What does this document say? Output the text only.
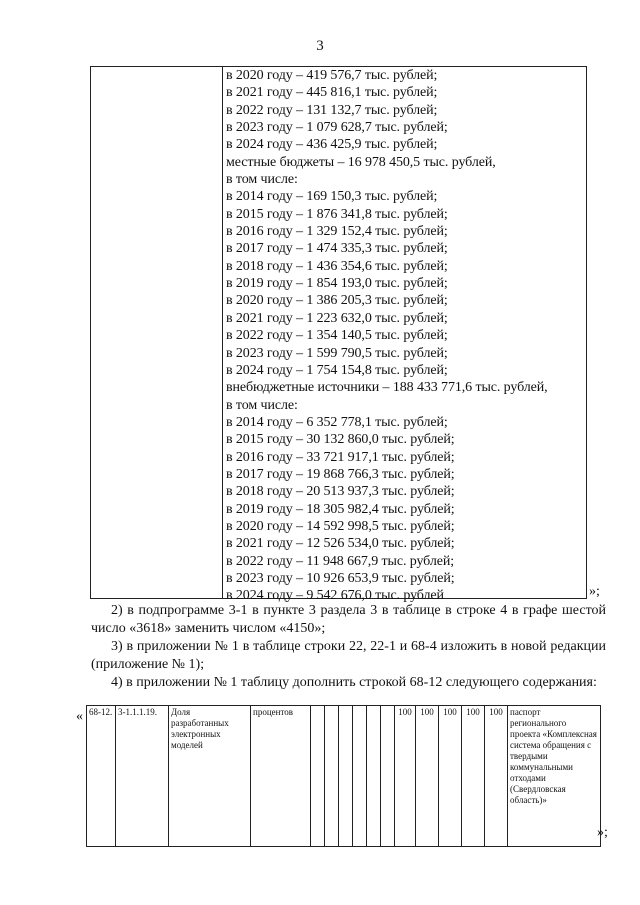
3
в 2020 году – 419 576,7 тыс. рублей;
в 2021 году – 445 816,1 тыс. рублей;
в 2022 году – 131 132,7 тыс. рублей;
в 2023 году – 1 079 628,7 тыс. рублей;
в 2024 году – 436 425,9 тыс. рублей;
местные бюджеты – 16 978 450,5 тыс. рублей,
в том числе:
в 2014 году – 169 150,3 тыс. рублей;
в 2015 году – 1 876 341,8 тыс. рублей;
в 2016 году – 1 329 152,4 тыс. рублей;
в 2017 году – 1 474 335,3 тыс. рублей;
в 2018 году – 1 436 354,6 тыс. рублей;
в 2019 году – 1 854 193,0 тыс. рублей;
в 2020 году – 1 386 205,3 тыс. рублей;
в 2021 году – 1 223 632,0 тыс. рублей;
в 2022 году – 1 354 140,5 тыс. рублей;
в 2023 году – 1 599 790,5 тыс. рублей;
в 2024 году – 1 754 154,8 тыс. рублей;
внебюджетные источники – 188 433 771,6 тыс. рублей,
в том числе:
в 2014 году – 6 352 778,1 тыс. рублей;
в 2015 году – 30 132 860,0 тыс. рублей;
в 2016 году – 33 721 917,1 тыс. рублей;
в 2017 году – 19 868 766,3 тыс. рублей;
в 2018 году – 20 513 937,3 тыс. рублей;
в 2019 году – 18 305 982,4 тыс. рублей;
в 2020 году – 14 592 998,5 тыс. рублей;
в 2021 году – 12 526 534,0 тыс. рублей;
в 2022 году – 11 948 667,9 тыс. рублей;
в 2023 году – 10 926 653,9 тыс. рублей;
в 2024 году – 9 542 676,0 тыс. рублей	»;
2) в подпрограмме 3-1 в пункте 3 раздела 3 в таблице в строке 4 в графе шестой число «3618» заменить числом «4150»;
3) в приложении № 1 в таблице строки 22, 22-1 и 68-4 изложить в новой редакции (приложение № 1);
4) в приложении № 1 таблицу дополнить строкой 68-12 следующего содержания:
« 68-12.	3-1.1.1.19.	Доля разработанных электронных моделей	процентов							100	100	100	100	100	паспорт регионального проекта «Комплексная система обращения с твердыми коммунальными отходами (Свердловская область)»
»;
